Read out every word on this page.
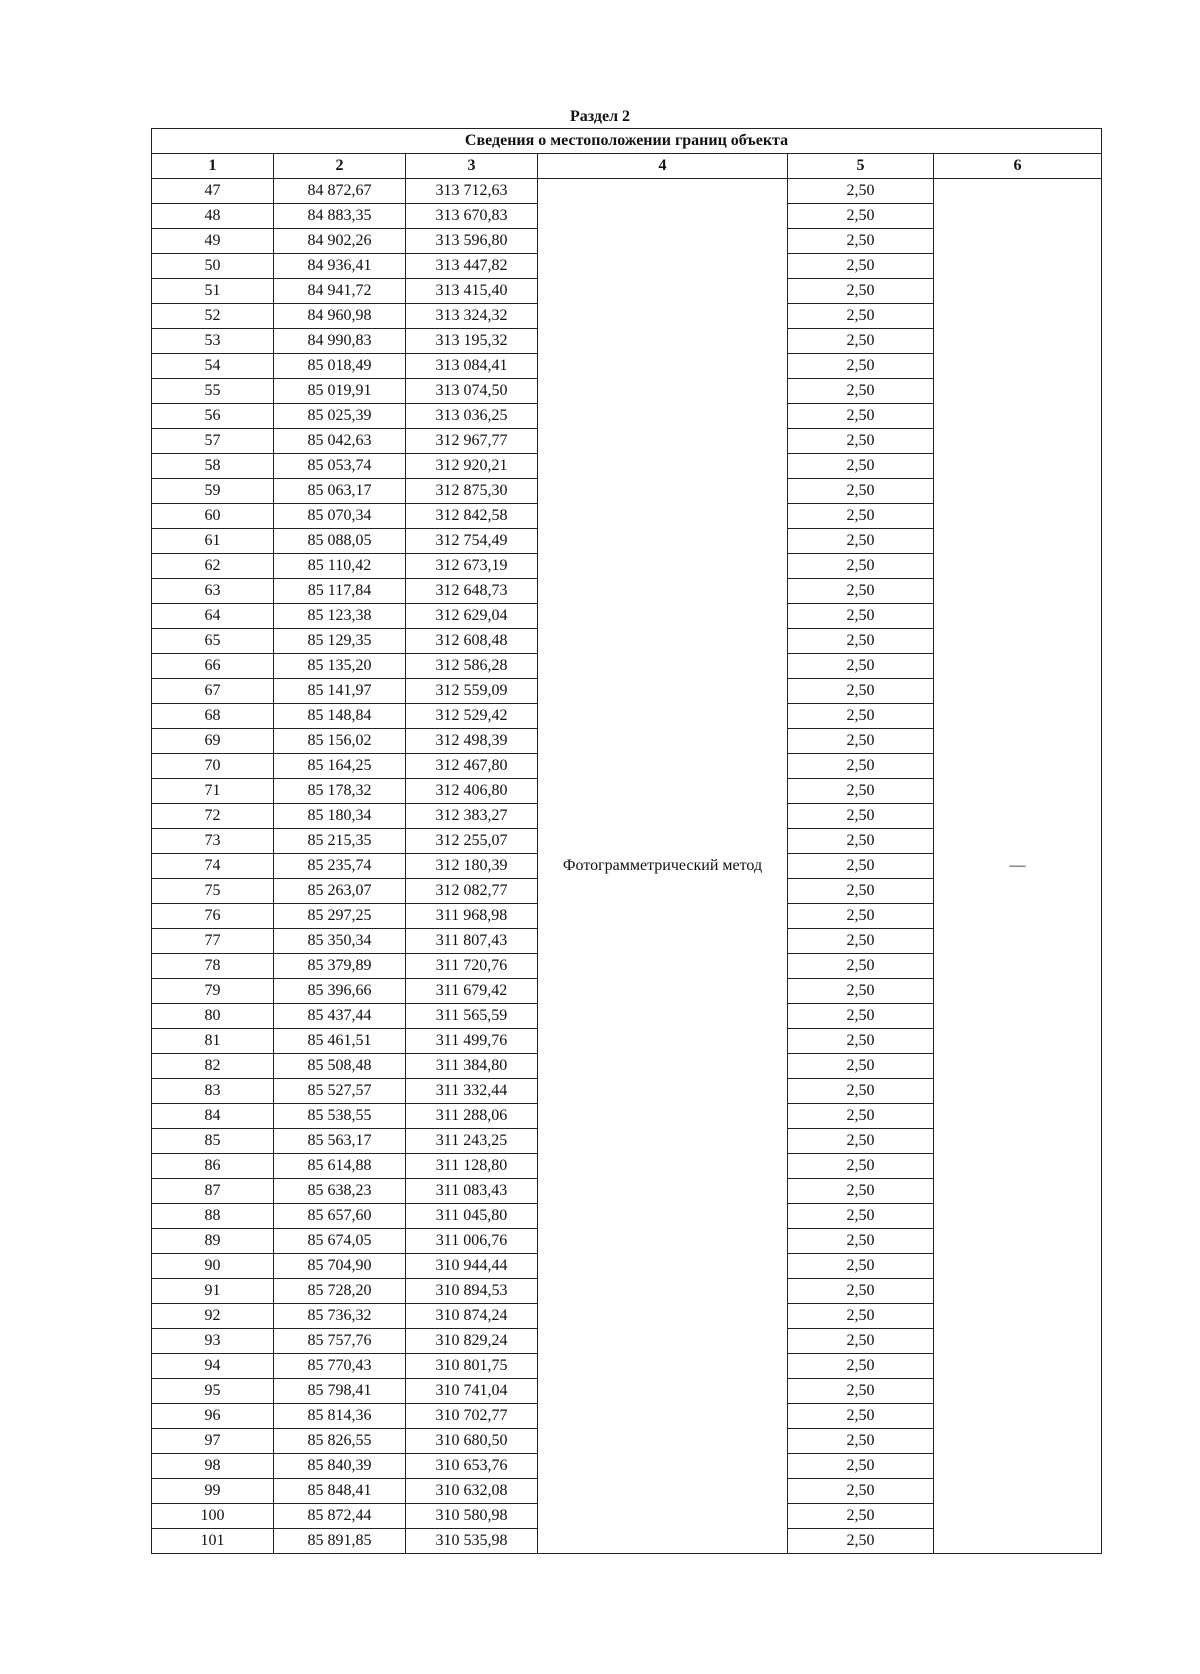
Раздел 2
Сведения о местоположении границ объекта					
1	2	3	4	5	6
47	84 872,67	313 712,63	Фотограмметрический метод	2,50	—
48	84 883,35	313 670,83		2,50	
49	84 902,26	313 596,80		2,50	
50	84 936,41	313 447,82		2,50	
51	84 941,72	313 415,40		2,50	
52	84 960,98	313 324,32		2,50	
53	84 990,83	313 195,32		2,50	
54	85 018,49	313 084,41		2,50	
55	85 019,91	313 074,50		2,50	
56	85 025,39	313 036,25		2,50	
57	85 042,63	312 967,77		2,50	
58	85 053,74	312 920,21		2,50	
59	85 063,17	312 875,30		2,50	
60	85 070,34	312 842,58		2,50	
61	85 088,05	312 754,49		2,50	
62	85 110,42	312 673,19		2,50	
63	85 117,84	312 648,73		2,50	
64	85 123,38	312 629,04		2,50	
65	85 129,35	312 608,48		2,50	
66	85 135,20	312 586,28		2,50	
67	85 141,97	312 559,09		2,50	
68	85 148,84	312 529,42		2,50	
69	85 156,02	312 498,39		2,50	
70	85 164,25	312 467,80		2,50	
71	85 178,32	312 406,80		2,50	
72	85 180,34	312 383,27		2,50	
73	85 215,35	312 255,07		2,50	
74	85 235,74	312 180,39		2,50	
75	85 263,07	312 082,77		2,50	
76	85 297,25	311 968,98		2,50	
77	85 350,34	311 807,43		2,50	
78	85 379,89	311 720,76		2,50	
79	85 396,66	311 679,42		2,50	
80	85 437,44	311 565,59		2,50	
81	85 461,51	311 499,76		2,50	
82	85 508,48	311 384,80		2,50	
83	85 527,57	311 332,44		2,50	
84	85 538,55	311 288,06		2,50	
85	85 563,17	311 243,25		2,50	
86	85 614,88	311 128,80		2,50	
87	85 638,23	311 083,43		2,50	
88	85 657,60	311 045,80		2,50	
89	85 674,05	311 006,76		2,50	
90	85 704,90	310 944,44		2,50	
91	85 728,20	310 894,53		2,50	
92	85 736,32	310 874,24		2,50	
93	85 757,76	310 829,24		2,50	
94	85 770,43	310 801,75		2,50	
95	85 798,41	310 741,04		2,50	
96	85 814,36	310 702,77		2,50	
97	85 826,55	310 680,50		2,50	
98	85 840,39	310 653,76		2,50	
99	85 848,41	310 632,08		2,50	
100	85 872,44	310 580,98		2,50	
101	85 891,85	310 535,98		2,50	
